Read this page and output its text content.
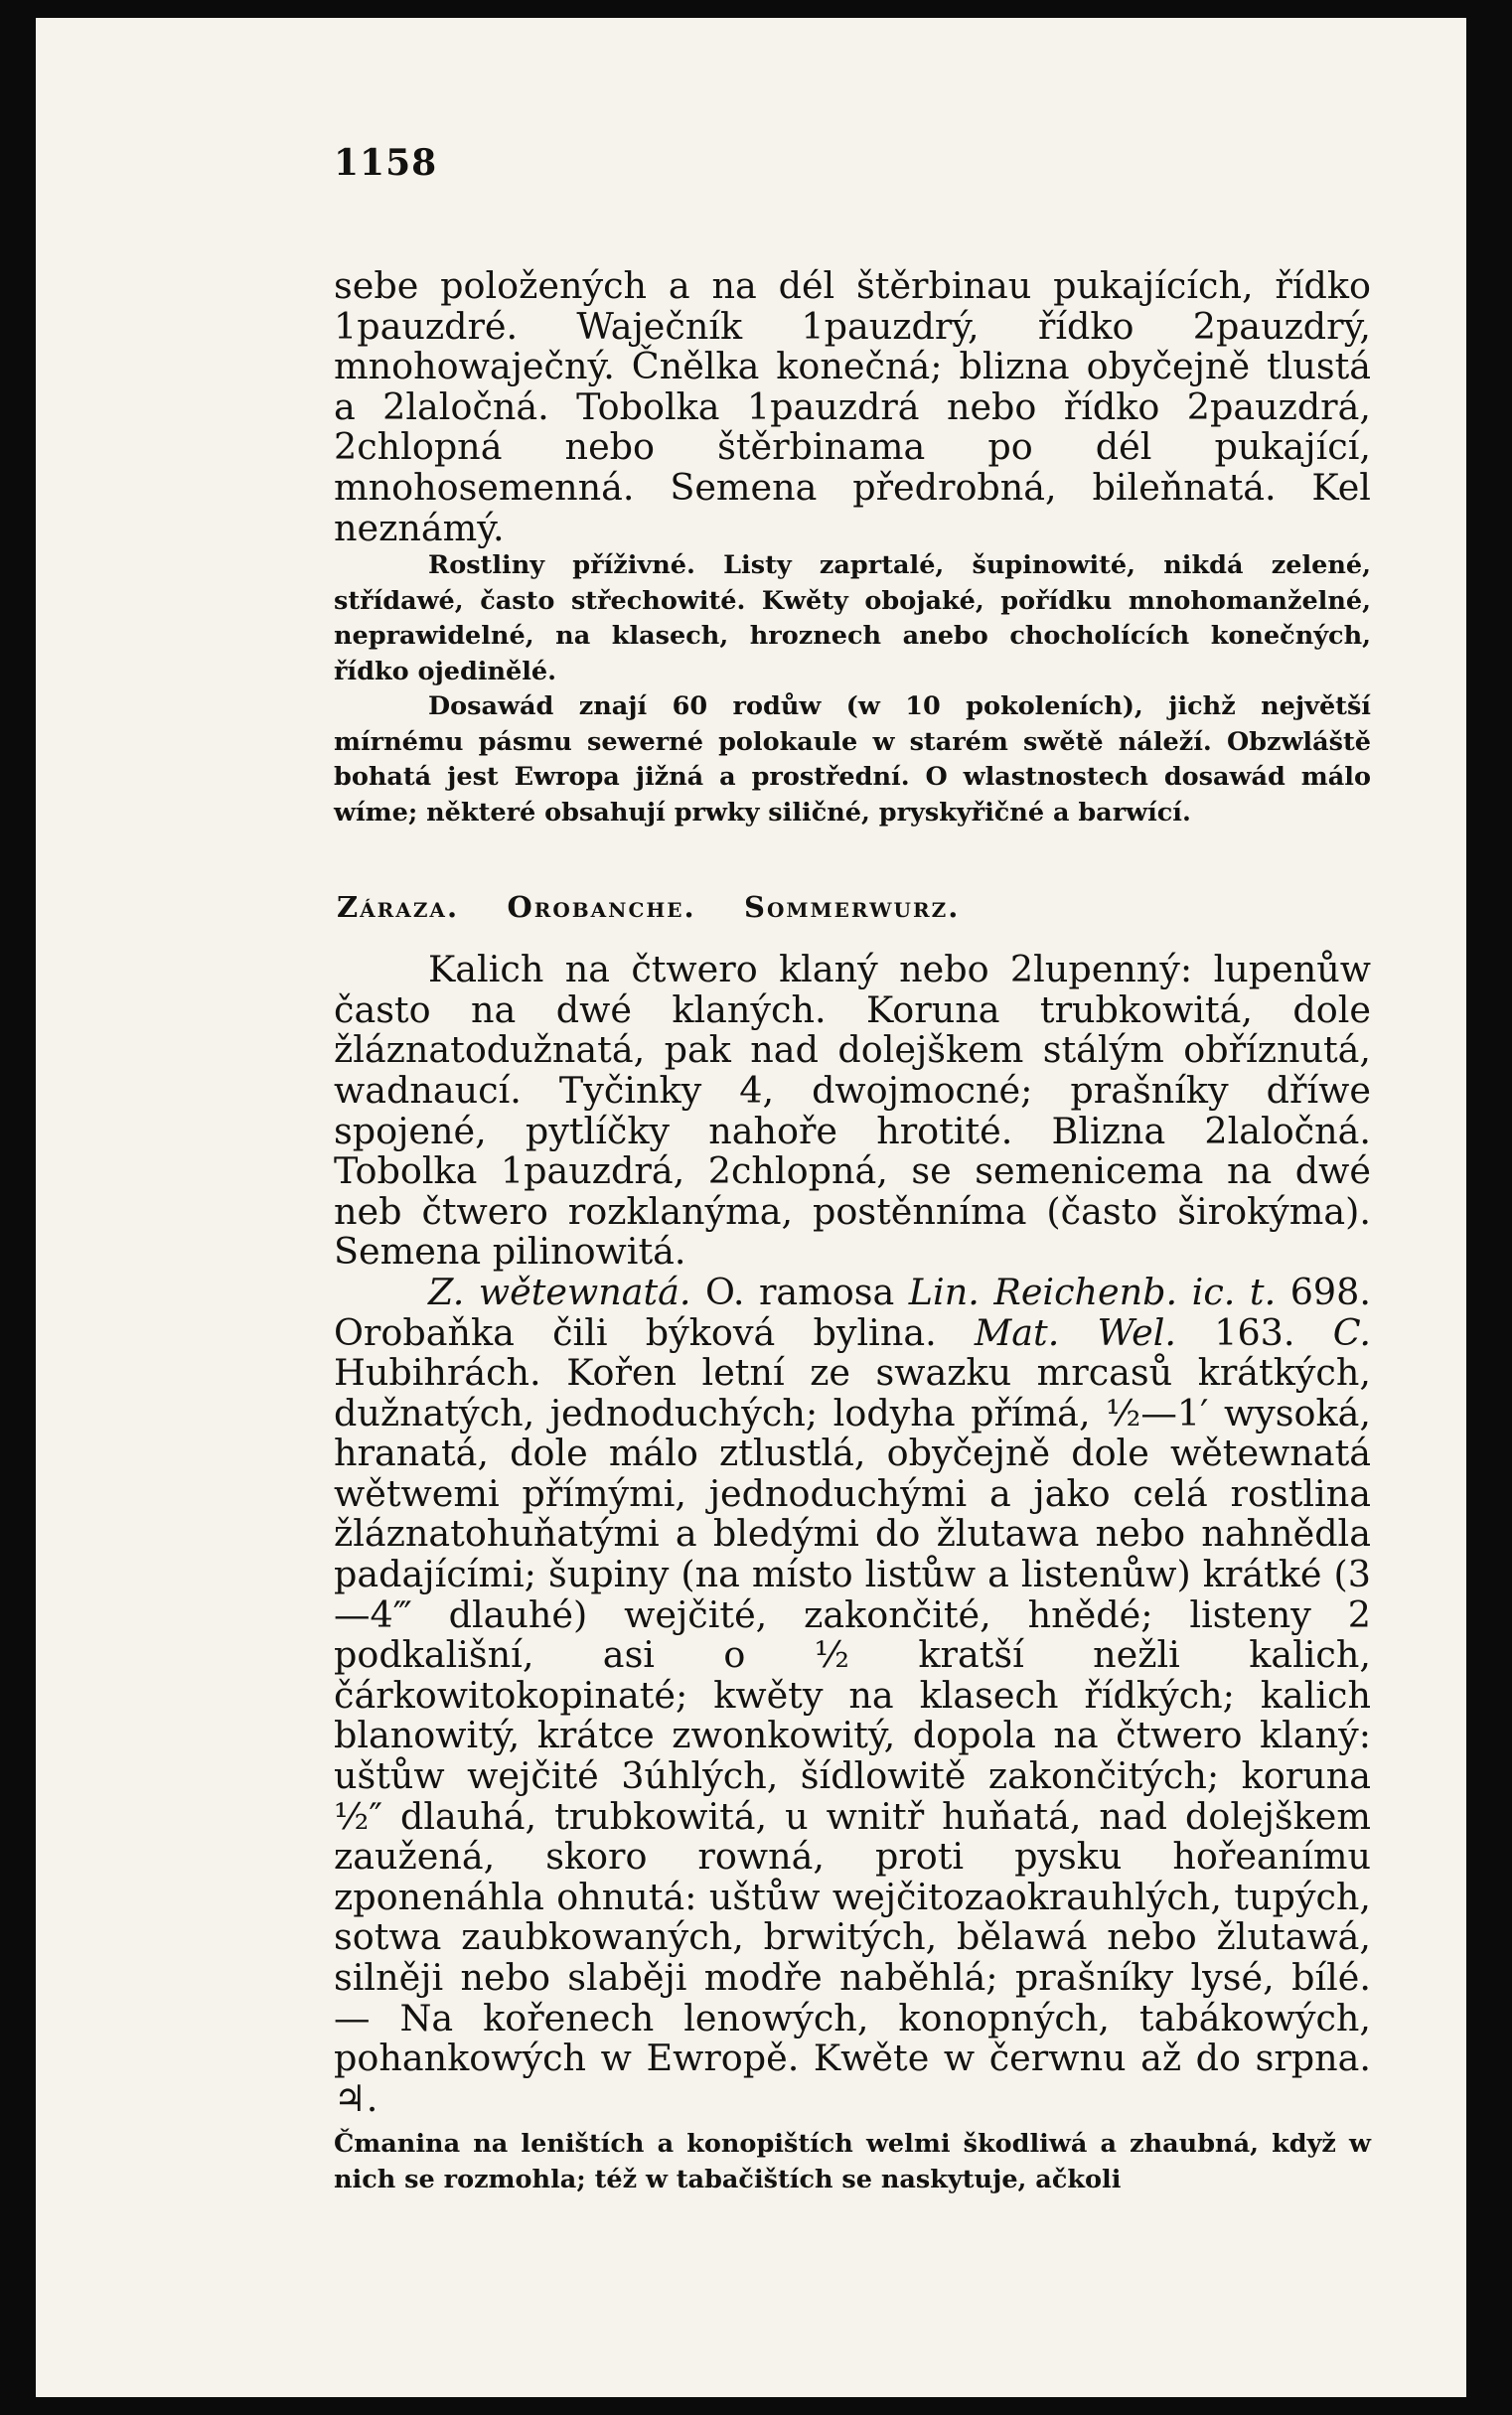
1158

sebe položených a na dél štěrbinau pukajících, řídko 1pauzdré. Waječník 1pauzdrý, řídko 2pauzdrý, mnohowaječný. Čnělka konečná; blizna obyčejně tlustá a 2laločná. Tobolka 1pauzdrá nebo řídko 2pauzdrá, 2chlopná nebo štěrbinama po dél pukající, mnohosemenná. Semena předrobná, bileňnatá. Kel neznámý.

Rostliny příživné. Listy zaprtalé, šupinowité, nikdá zelené, střídawé, často střechowité. Kwěty obojaké, pořídku mnohomanželné, neprawidelné, na klasech, hroznech anebo chocholících konečných, řídko ojedinělé.

Dosawád znají 60 rodůw (w 10 pokoleních), jichž největší mírnému pásmu sewerné polokaule w starém swětě náleží. Obzwláště bohatá jest Ewropa jižná a prostřední. O wlastnostech dosawád málo wíme; některé obsahují prwky siličné, pryskyřičné a barwící.

Záraza. Orobanche. Sommerwurz.

Kalich na čtwero klaný nebo 2lupenný: lupenůw často na dwé klaných. Koruna trubkowitá, dole žláznatodužnatá, pak nad dolejškem stálým obříznutá, wadnaucí. Tyčinky 4, dwojmocné; prašníky dříwe spojené, pytlíčky nahoře hrotité. Blizna 2laločná. Tobolka 1pauzdrá, 2chlopná, se semenicema na dwé neb čtwero rozklanýma, postěnníma (často širokýma). Semena pilinowitá.

Z. wětewnatá. O. ramosa Lin. Reichenb. ic. t. 698. Orobaňka čili býková bylina. Mat. Wel. 163. C. Hubihrách. Kořen letní ze swazku mrcasů krátkých, dužnatých, jednoduchých; lodyha přímá, ½—1′ wysoká, hranatá, dole málo ztlustlá, obyčejně dole wětewnatá wětwemi přímými, jednoduchými a jako celá rostlina žláznatohuňatými a bledými do žlutawa nebo nahnědla padajícími; šupiny (na místo listůw a listenůw) krátké (3—4‴ dlauhé) wejčité, zakončité, hnědé; listeny 2 podkališní, asi o ½ kratší nežli kalich, čárkowitokopinaté; kwěty na klasech řídkých; kalich blanowitý, krátce zwonkowitý, dopola na čtwero klaný: uštůw wejčité 3úhlých, šídlowitě zakončitých; koruna ½″ dlauhá, trubkowitá, u wnitř huňatá, nad dolejškem zaužená, skoro rowná, proti pysku hořeanímu zponenáhla ohnutá: uštůw wejčitozaokrauhlých, tupých, sotwa zaubkowaných, brwitých, bělawá nebo žlutawá, silněji nebo slaběji modře naběhlá; prašníky lysé, bílé. — Na kořenech lenowých, konopných, tabákowých, pohankowých w Ewropě. Kwěte w čerwnu až do srpna. ♃.

Čmanina na leništích a konopištích welmi škodliwá a zhaubná, když w nich se rozmohla; též w tabačištích se naskytuje, ačkoli
